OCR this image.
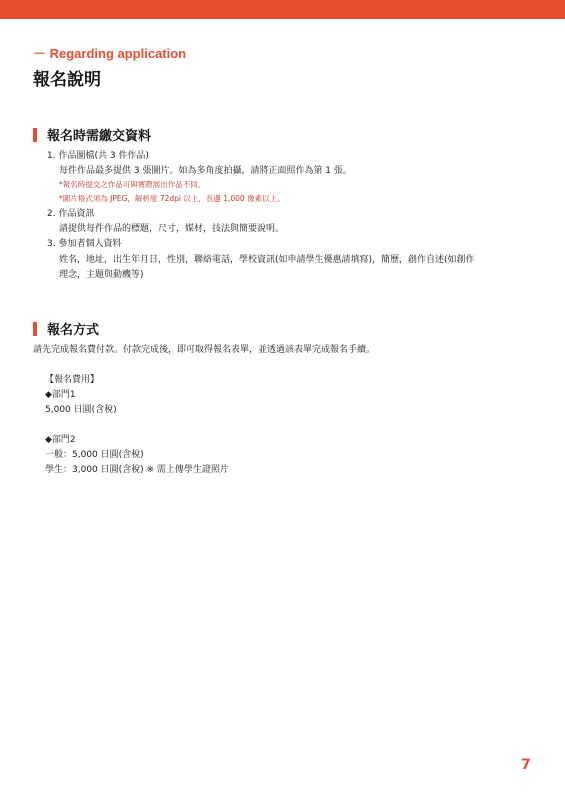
－ Regarding application
報名說明
報名時需繳交資料
1. 作品圖檔(共 3 件作品)
每件作品最多提供 3 張圖片。如為多角度拍攝，請將正面照作為第 1 張。
*報名時提交之作品可與實際展出作品不同。
*圖片格式須為 JPEG，解析度 72dpi 以上，長邊 1,000 像素以上。
2. 作品資訊
請提供每件作品的標題，尺寸，媒材，技法與簡要說明。
3. 參加者個人資料
姓名，地址，出生年月日，性別，聯絡電話，學校資訊(如申請學生優惠請填寫)，簡歷，創作自述(如創作
理念，主題與動機等)
報名方式
請先完成報名費付款。付款完成後，即可取得報名表單，並透過該表單完成報名手續。
【報名費用】
◆部門1
5,000 日圓(含稅)
◆部門2
一般：5,000 日圓(含稅)
學生：3,000 日圓(含稅) ※ 需上傳學生證照片
7
